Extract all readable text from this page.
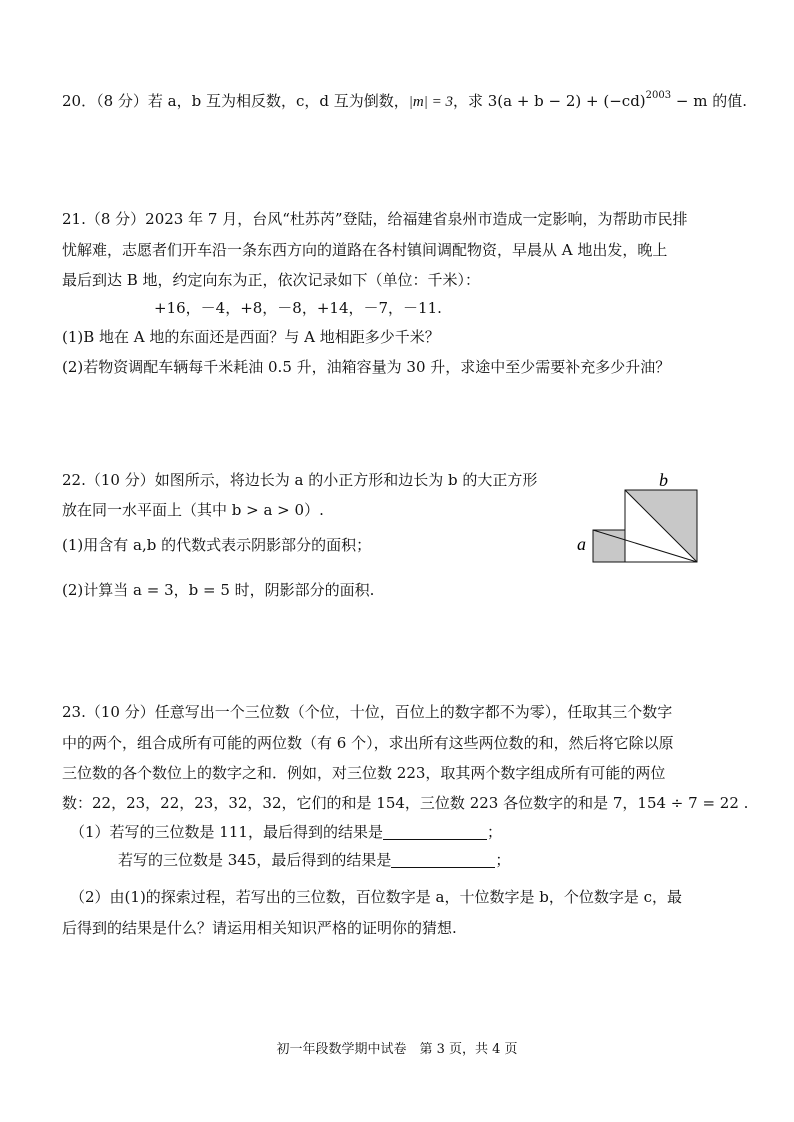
20．（8 分）若 a，b 互为相反数，c，d 互为倒数，|m| = 3，求 $3(a + b - 2) + (-cd)^{2003} - m$ 的值.
21.（8 分）2023 年 7 月，台风“杜苏芮”登陆，给福建省泉州市造成一定影响，为帮助市民排
忧解难，志愿者们开车沿一条东西方向的道路在各村镇间调配物资，早晨从 A 地出发，晚上
最后到达 B 地，约定向东为正，依次记录如下（单位：千米）：
+16，－4，+8，－8，+14，－7，－11.
(1)B 地在 A 地的东面还是西面？与 A 地相距多少千米？
(2)若物资调配车辆每千米耗油 0.5 升，油箱容量为 30 升，求途中至少需要补充多少升油？
22.（10 分）如图所示，将边长为 a 的小正方形和边长为 b 的大正方形
放在同一水平面上（其中 b > a > 0）.
(1)用含有 a,b 的代数式表示阴影部分的面积；
(2)计算当 a = 3，b = 5 时，阴影部分的面积.
b
a
23.（10 分）任意写出一个三位数（个位，十位，百位上的数字都不为零），任取其三个数字
中的两个，组合成所有可能的两位数（有 6 个），求出所有这些两位数的和，然后将它除以原
三位数的各个数位上的数字之和．例如，对三位数 223，取其两个数字组成所有可能的两位
数：22，23，22，23，32，32，它们的和是 154，三位数 223 各位数字的和是 7，154 ÷ 7 = 22 .
（1）若写的三位数是 111，最后得到的结果是	；
若写的三位数是 345，最后得到的结果是	；
（2）由(1)的探索过程，若写出的三位数，百位数字是 a，十位数字是 b，个位数字是 c，最
后得到的结果是什么？请运用相关知识严格的证明你的猜想.
初一年段数学期中试卷　第 3 页，共 4 页
